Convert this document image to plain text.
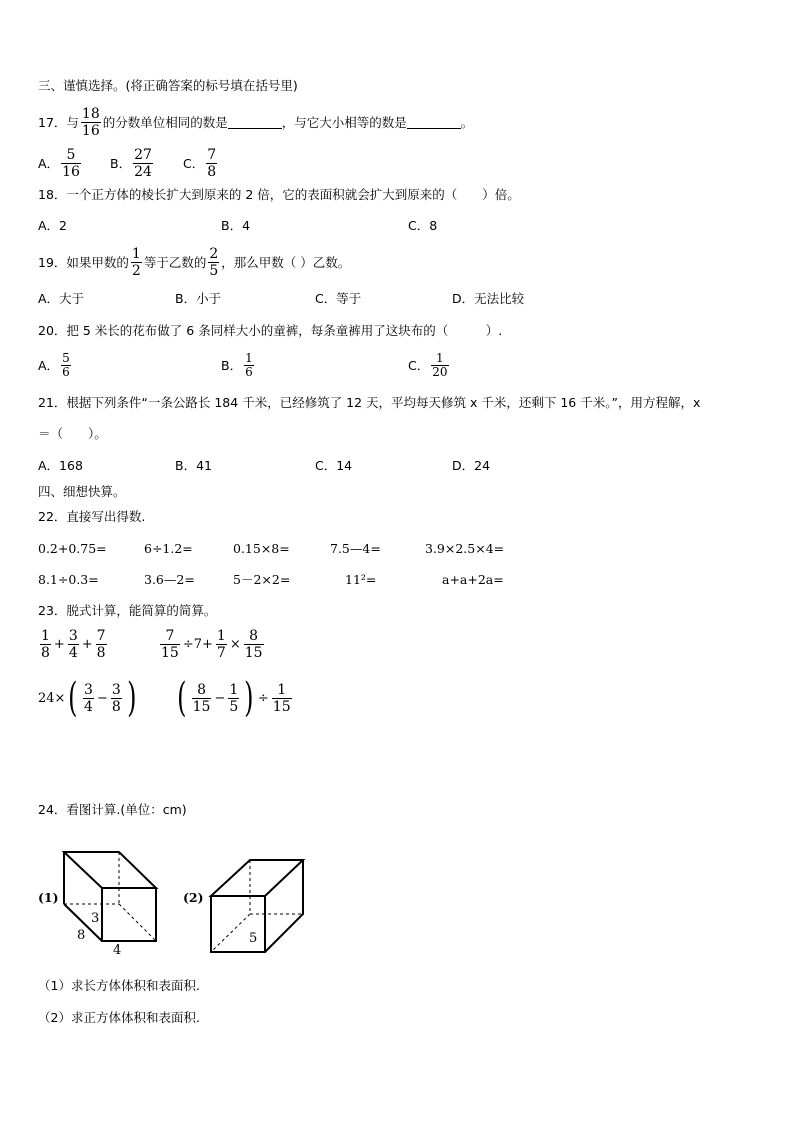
三、谨慎选择。(将正确答案的标号填在括号里)
17．与 18
16
的分数单位相同的数是	，与它大小相等的数是	。
A． 5
16
B． 27
24
C． 7
8
18．一个正方体的棱长扩大到原来的 2 倍，它的表面积就会扩大到原来的（　　）倍。
A．2	B．4	C．8
19．如果甲数的 1
2
等于乙数的 2
5
，那么甲数（ ）乙数。
A．大于	B．小于	C．等于	D．无法比较
20．把 5 米长的花布做了 6 条同样大小的童裤，每条童裤用了这块布的（　　　）.
A． 5
6	B． 1
6	C． 1
20
21．根据下列条件“一条公路长 184 千米，已经修筑了 12 天，平均每天修筑 x 千米，还剩下 16 千米。”，用方程解，x
＝（　　）。
A．168	B．41	C．14	D．24
四、细想快算。
22．直接写出得数.
0.2+0.75=	6÷1.2=	0.15×8=	7.5—4=	3.9×2.5×4=
8.1÷0.3=	3.6—2=	5－2×2=	11²=	a+a+2a=
23．脱式计算，能简算的简算。
1
8
+ $\frac{3}{4} + \frac{7}{8}$	$\frac{7}{15} \div 7+ \frac{1}{7} \times \frac{8}{15}$
24× ( 3
4
− $\frac{3}{8}$ ) ( 8
15
− $\frac{1}{5}$ ) ÷ $\frac{1}{15}$
24．看图计算.(单位：cm)
(1)
3
8
4
(2)
5
（1）求长方体体积和表面积.
（2）求正方体体积和表面积.
